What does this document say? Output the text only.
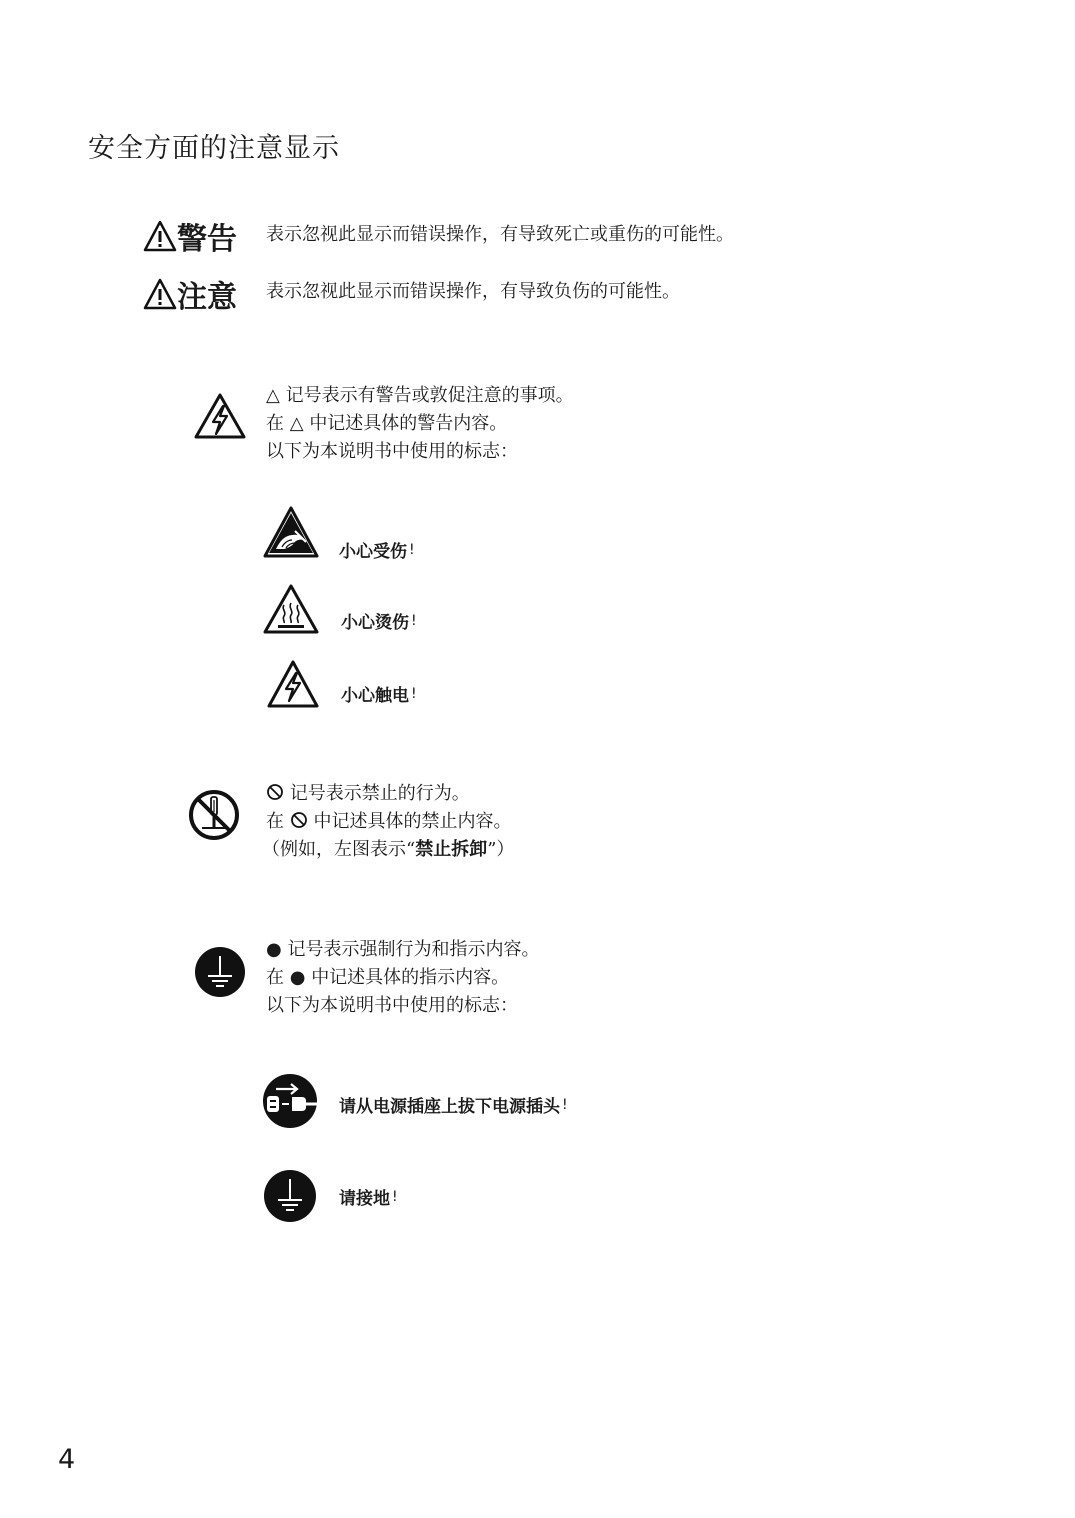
安全方面的注意显示
警告 表示忽视此显示而错误操作，有导致死亡或重伤的可能性。
注意 表示忽视此显示而错误操作，有导致负伤的可能性。
△ 记号表示有警告或敦促注意的事项。
在 △ 中记述具体的警告内容。
以下为本说明书中使用的标志：
小心受伤 !
小心烫伤 !
小心触电 !
记号表示禁止的行为。
在 中记述具体的禁止内容。
（例如，左图表示“禁止拆卸”）
● 记号表示强制行为和指示内容。
在 ● 中记述具体的指示内容。
以下为本说明书中使用的标志：
请从电源插座上拔下电源插头 !
请接地 !
4
